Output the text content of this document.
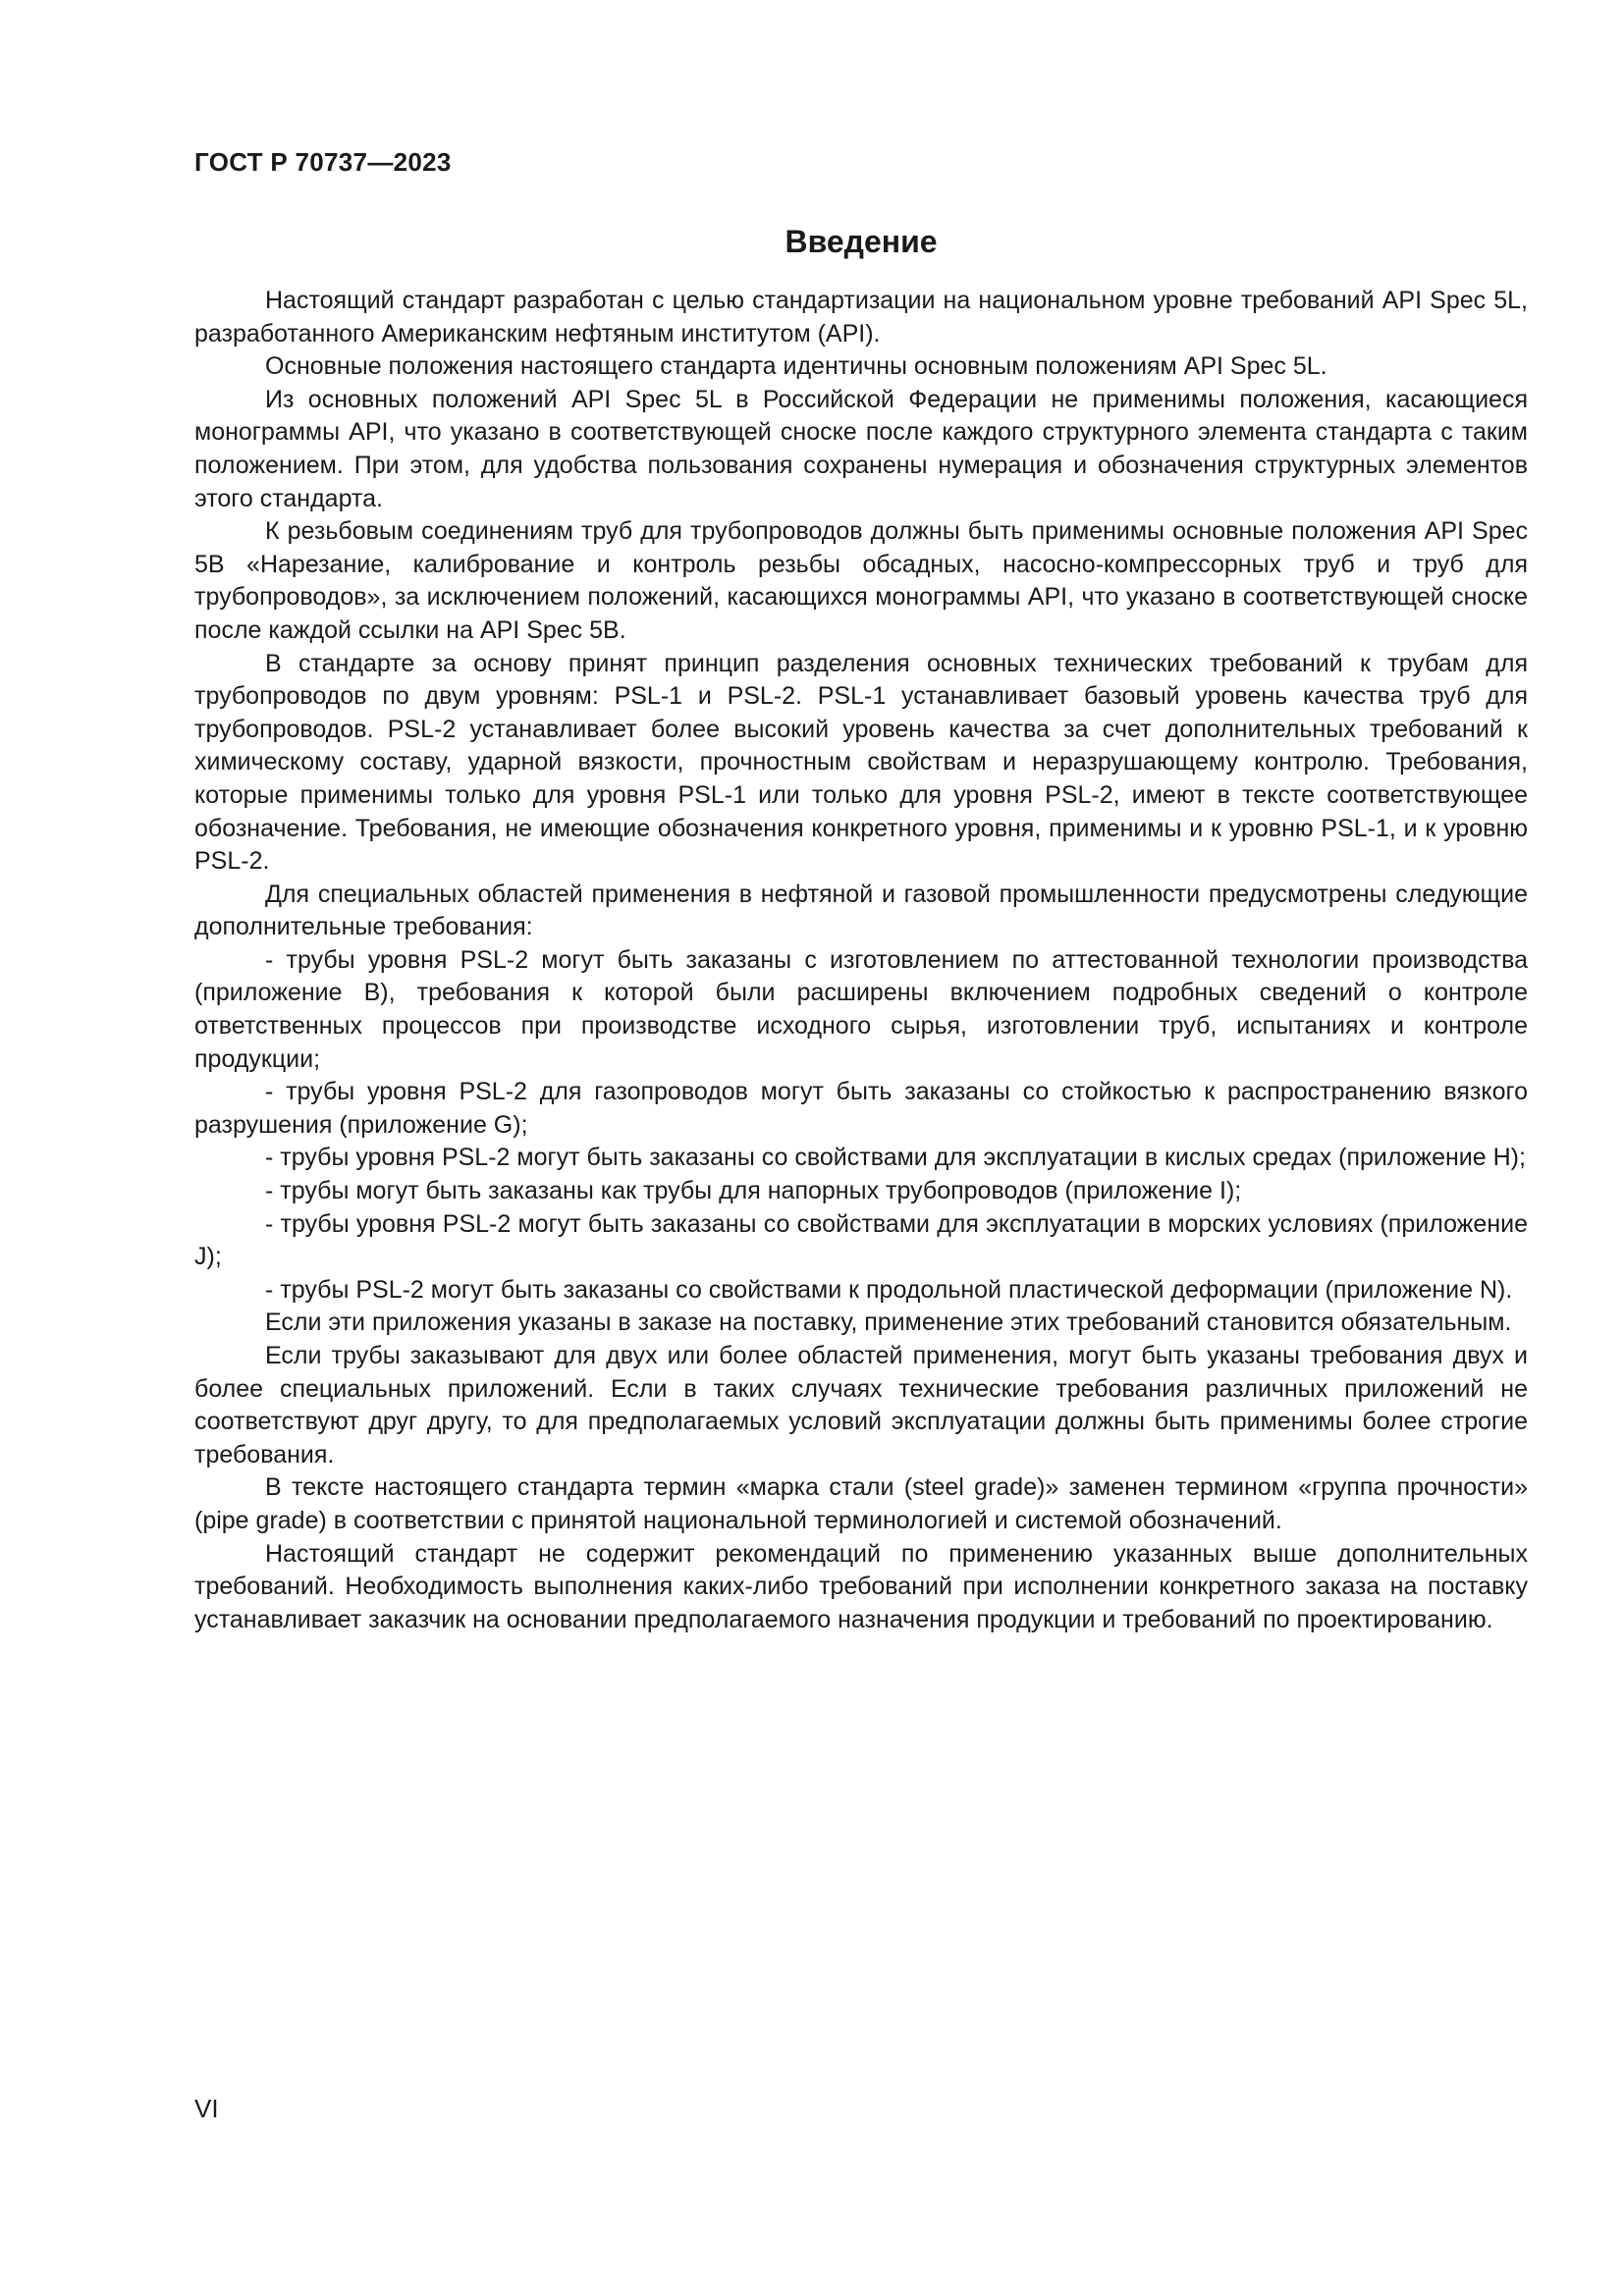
ГОСТ Р 70737—2023
Введение

Настоящий стандарт разработан с целью стандартизации на национальном уровне требований API Spec 5L, разработанного Американским нефтяным институтом (API).

Основные положения настоящего стандарта идентичны основным положениям API Spec 5L.

Из основных положений API Spec 5L в Российской Федерации не применимы положения, касающиеся монограммы API, что указано в соответствующей сноске после каждого структурного элемента стандарта с таким положением. При этом, для удобства пользования сохранены нумерация и обозначения структурных элементов этого стандарта.

К резьбовым соединениям труб для трубопроводов должны быть применимы основные положения API Spec 5B «Нарезание, калибрование и контроль резьбы обсадных, насосно-компрессорных труб и труб для трубопроводов», за исключением положений, касающихся монограммы API, что указано в соответствующей сноске после каждой ссылки на API Spec 5B.

В стандарте за основу принят принцип разделения основных технических требований к трубам для трубопроводов по двум уровням: PSL-1 и PSL-2. PSL-1 устанавливает базовый уровень качества труб для трубопроводов. PSL-2 устанавливает более высокий уровень качества за счет дополнительных требований к химическому составу, ударной вязкости, прочностным свойствам и неразрушающему контролю. Требования, которые применимы только для уровня PSL-1 или только для уровня PSL-2, имеют в тексте соответствующее обозначение. Требования, не имеющие обозначения конкретного уровня, применимы и к уровню PSL-1, и к уровню PSL-2.

Для специальных областей применения в нефтяной и газовой промышленности предусмотрены следующие дополнительные требования:

- трубы уровня PSL-2 могут быть заказаны с изготовлением по аттестованной технологии производства (приложение B), требования к которой были расширены включением подробных сведений о контроле ответственных процессов при производстве исходного сырья, изготовлении труб, испытаниях и контроле продукции;

- трубы уровня PSL-2 для газопроводов могут быть заказаны со стойкостью к распространению вязкого разрушения (приложение G);

- трубы уровня PSL-2 могут быть заказаны со свойствами для эксплуатации в кислых средах (приложение H);

- трубы могут быть заказаны как трубы для напорных трубопроводов (приложение I);

- трубы уровня PSL-2 могут быть заказаны со свойствами для эксплуатации в морских условиях (приложение J);

- трубы PSL-2 могут быть заказаны со свойствами к продольной пластической деформации (приложение N).

Если эти приложения указаны в заказе на поставку, применение этих требований становится обязательным.

Если трубы заказывают для двух или более областей применения, могут быть указаны требования двух и более специальных приложений. Если в таких случаях технические требования различных приложений не соответствуют друг другу, то для предполагаемых условий эксплуатации должны быть применимы более строгие требования.

В тексте настоящего стандарта термин «марка стали (steel grade)» заменен термином «группа прочности» (pipe grade) в соответствии с принятой национальной терминологией и системой обозначений.

Настоящий стандарт не содержит рекомендаций по применению указанных выше дополнительных требований. Необходимость выполнения каких-либо требований при исполнении конкретного заказа на поставку устанавливает заказчик на основании предполагаемого назначения продукции и требований по проектированию.

VI
